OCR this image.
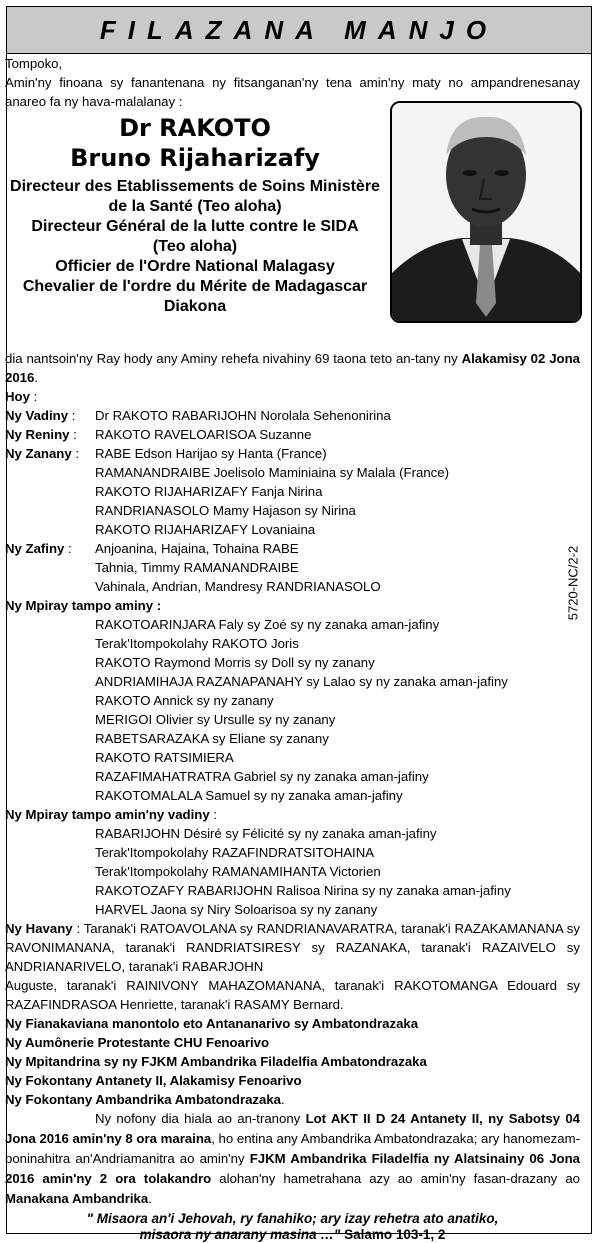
FILAZANA MANJO
Tompoko,
Amin'ny finoana sy fanantenana ny fitsanganan'ny tena amin'ny maty no ampandrenesanay anareo fa ny hava-malalanay :
Dr RAKOTO
Bruno Rijaharizafy
Directeur des Etablissements de Soins Ministère
de la Santé (Teo aloha)
Directeur Général de la lutte contre le SIDA
(Teo aloha)
Officier de l'Ordre National Malagasy
Chevalier de l'ordre du Mérite de Madagascar
Diakona
dia nantsoin'ny Ray hody any Aminy rehefa nivahiny 69 taona teto an-tany ny Alakamisy 02 Jona 2016.
Hoy :
Ny Vadiny :	Dr RAKOTO RABARIJOHN Norolala Sehenonirina
Ny Reniny :	RAKOTO RAVELOARISOA Suzanne
Ny Zanany :	RABE Edson Harijao sy Hanta (France)
RAMANANDRAIBE Joelisolo Maminiaina sy Malala (France)
RAKOTO RIJAHARIZAFY Fanja Nirina
RANDRIANASOLO Mamy Hajason sy Nirina
RAKOTO RIJAHARIZAFY Lovaniaina
Ny Zafiny :	Anjoanina, Hajaina, Tohaina RABE
Tahnia, Timmy RAMANANDRAIBE
Vahinala, Andrian, Mandresy RANDRIANASOLO
Ny Mpiray tampo aminy :
RAKOTOARINJARA Faly sy Zoé sy ny zanaka aman-jafiny
Terak'Itompokolahy RAKOTO Joris
RAKOTO Raymond Morris sy Doll sy ny zanany
ANDRIAMIHAJA RAZANAPANAHY sy Lalao sy ny zanaka aman-jafiny
RAKOTO Annick sy ny zanany
MERIGOI Olivier sy Ursulle sy ny zanany
RABETSARAZAKA sy Eliane sy zanany
RAKOTO RATSIMIERA
RAZAFIMAHATRATRA Gabriel sy ny zanaka aman-jafiny
RAKOTOMALALA Samuel sy ny zanaka aman-jafiny
Ny Mpiray tampo amin'ny vadiny :
RABARIJOHN Désiré sy Félicité sy ny zanaka aman-jafiny
Terak'Itompokolahy RAZAFINDRATSITOHAINA
Terak'Itompokolahy RAMANAMIHANTA Victorien
RAKOTOZAFY RABARIJOHN Ralisoa Nirina sy ny zanaka aman-jafiny
HARVEL Jaona sy Niry Soloarisoa sy ny zanany
Ny Havany : Taranak'i RATOAVOLANA sy RANDRIANAVARATRA, taranak'i RAZAKAMANANA sy RAVONIMANANA, taranak'i RANDRIATSIRESY sy RAZANAKA, taranak'i RAZAIVELO sy ANDRIANARIVELO, taranak'i RABARJOHN
Auguste, taranak'i RAINIVONY MAHAZOMANANA, taranak'i RAKOTOMANGA Edouard sy RAZAFINDRASOA Henriette, taranak'i RASAMY Bernard.
Ny Fianakaviana manontolo eto Antananarivo sy Ambatondrazaka
Ny Aumônerie Protestante CHU Fenoarivo
Ny Mpitandrina sy ny FJKM Ambandrika Filadelfia Ambatondrazaka
Ny Fokontany Antanety II, Alakamisy Fenoarivo
Ny Fokontany Ambandrika Ambatondrazaka.
Ny nofony dia hiala ao an-tranony Lot AKT II D 24 Antanety II, ny Sabotsy 04 Jona 2016 amin'ny 8 ora maraina, ho entina any Ambandrika Ambatondrazaka; ary hanomezam-boninahitra an'Andriamanitra ao amin'ny FJKM Ambandrika Filadelfia ny Alatsinainy 06 Jona 2016 amin'ny 2 ora tolakandro alohan'ny hametrahana azy ao amin'ny fasan-drazany ao Manakana Ambandrika.
" Misaora an'i Jehovah, ry fanahiko; ary izay rehetra ato anatiko,
misaora ny anarany masina …" Salamo 103-1, 2
5720-NC/2-2
